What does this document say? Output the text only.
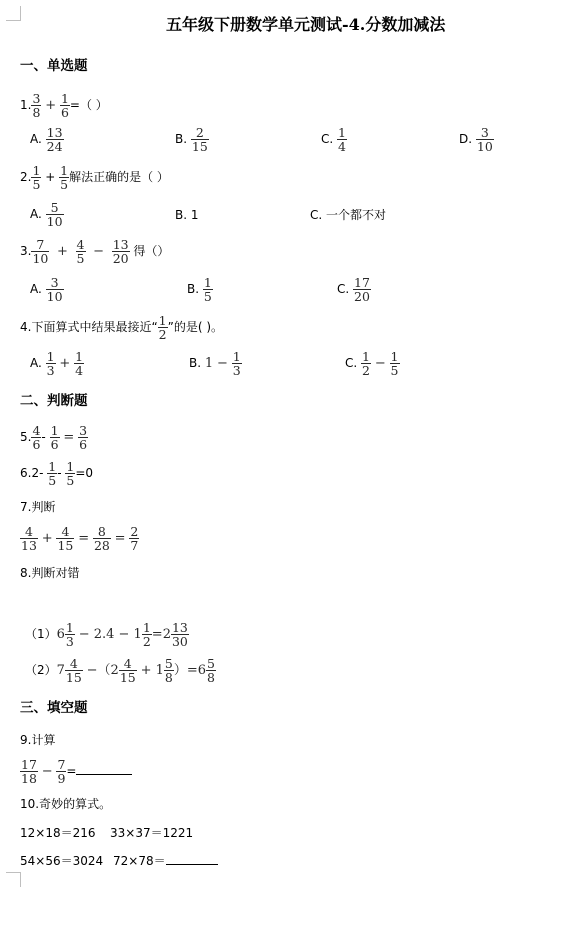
五年级下册数学单元测试-4.分数加减法
一、单选题
1. $\frac{3}{8} + \frac{1}{6}$ =（ ）
A. $\frac{13}{24}$	B. $\frac{2}{15}$	C. $\frac{1}{4}$	D. $\frac{3}{10}$
2. $\frac{1}{5} + \frac{1}{5}$ 解法正确的是（ ）
A. $\frac{5}{10}$	B. 1	C. 一个都不对
3. $\frac{7}{10} + \frac{4}{5} - \frac{13}{20}$ 得（）
A. $\frac{3}{10}$	B. $\frac{1}{5}$	C. $\frac{17}{20}$
4.下面算式中结果最接近“ $\frac{1}{2}$ ”的是( )。
A. $\frac{1}{3} + \frac{1}{4}$	B. $1 - \frac{1}{3}$	C. $\frac{1}{2} - \frac{1}{5}$
二、判断题
5. $\frac{4}{6} - \frac{1}{6} = \frac{3}{6}$
$6.2- \frac{1}{5} - \frac{1}{5} =0$
7.判断
$\frac{4}{13} + \frac{4}{15} = \frac{8}{28} = \frac{2}{7}$
8.判断对错
$(1)6 \frac{1}{3} - 2.4 - 1 \frac{1}{2} =2 \frac{13}{30}$
$(2)7 \frac{4}{15} -(2 \frac{4}{15} + 1 \frac{5}{8} )=6 \frac{5}{8}$
三、填空题
9.计算
$\frac{17}{18} - \frac{7}{9}$ =
10.奇妙的算式。
12×18＝216 33×37＝1221
54×56＝3024 72×78＝
